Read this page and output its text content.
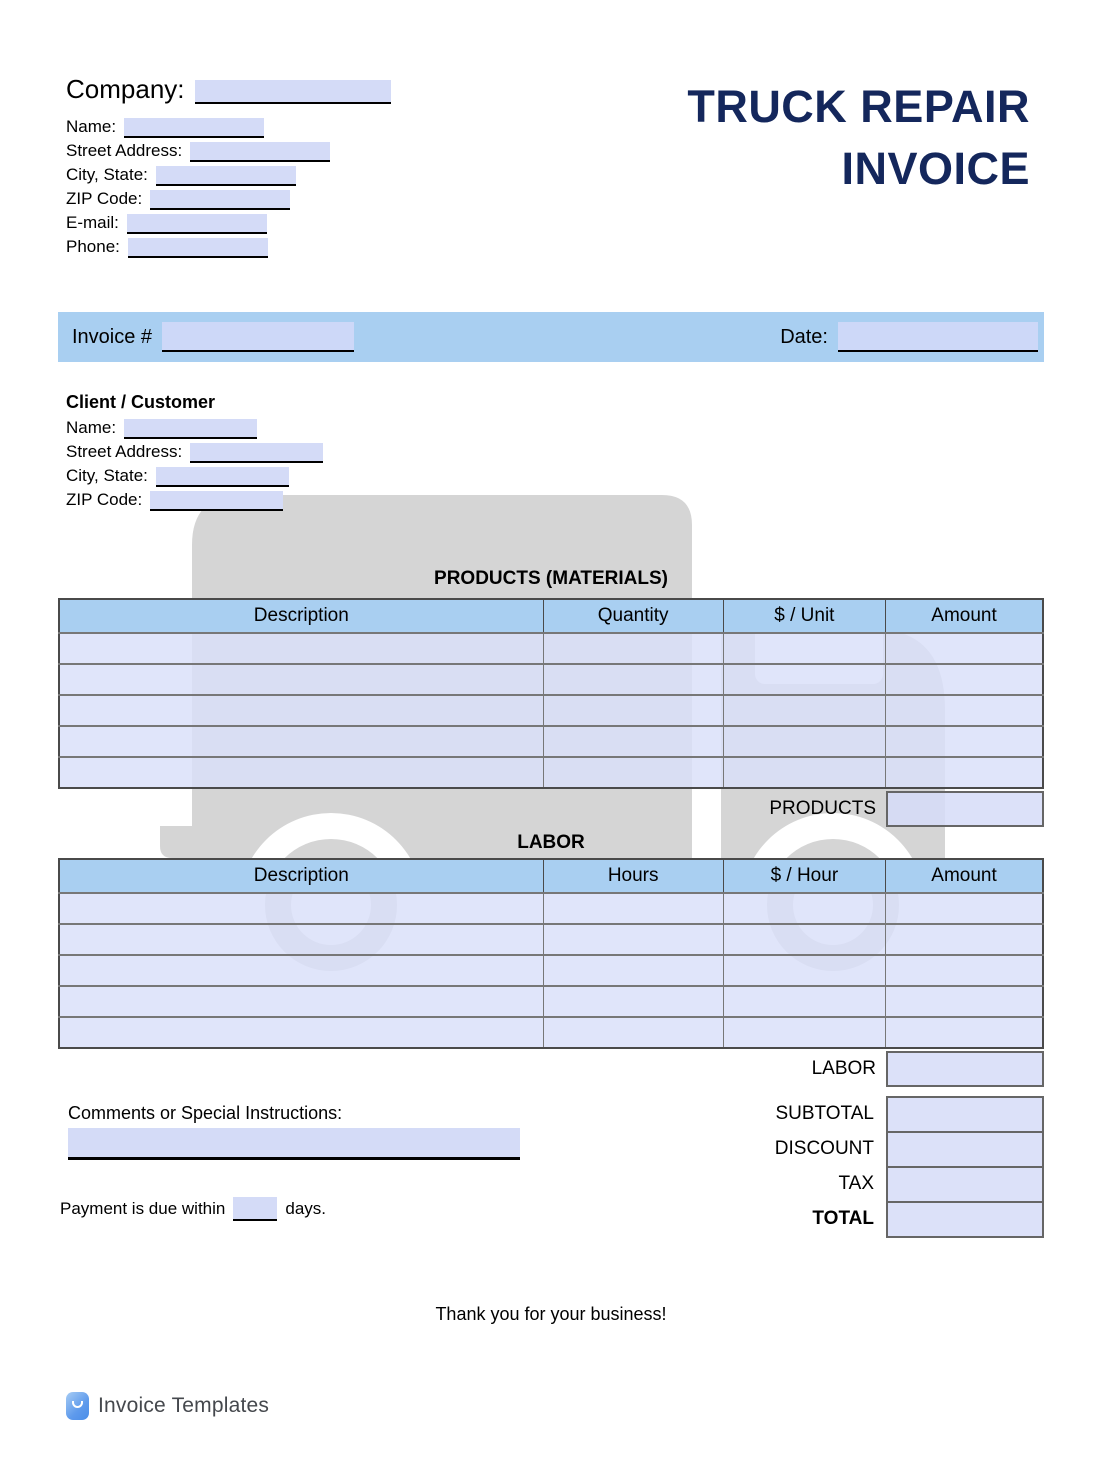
Company:
Name:
Street Address:
City, State:
ZIP Code:
E-mail:
Phone:
TRUCK REPAIR
INVOICE
Invoice #	Date:
Client / Customer
Name:
Street Address:
City, State:
ZIP Code:
PRODUCTS (MATERIALS)
Description	Quantity	$ / Unit	Amount

PRODUCTS
LABOR
Description	Hours	$ / Hour	Amount

LABOR
Comments or Special Instructions:	SUBTOTAL
DISCOUNT
TAX
TOTAL
Payment is due within	days.
Thank you for your business!
Invoice Templates
